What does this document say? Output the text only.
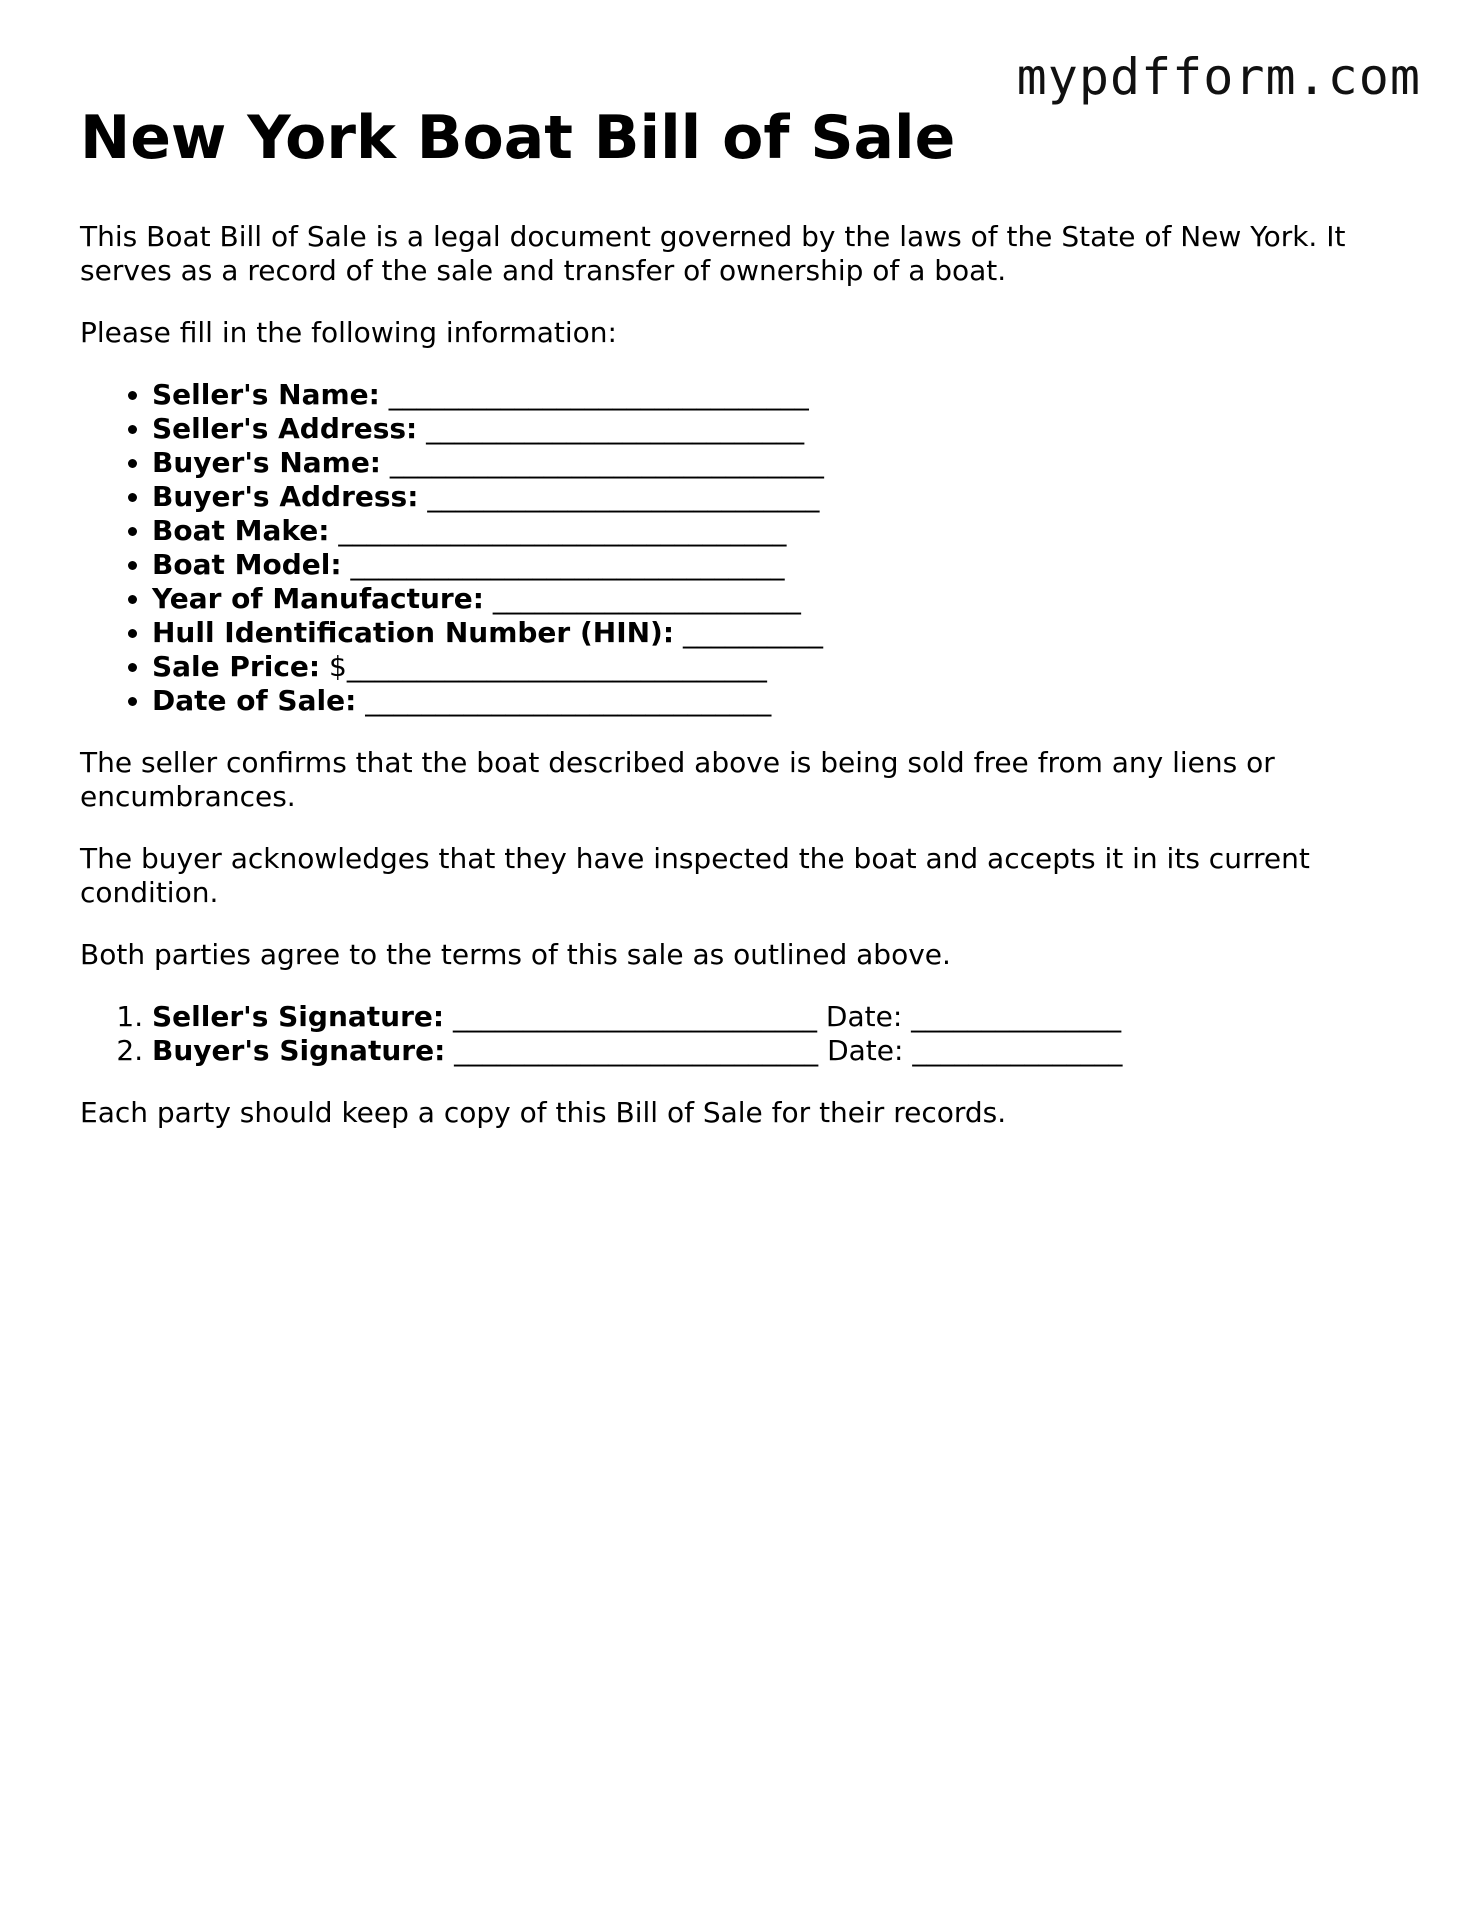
mypdfform.com
New York Boat Bill of Sale

This Boat Bill of Sale is a legal document governed by the laws of the State of New York. It serves as a record of the sale and transfer of ownership of a boat.

Please fill in the following information:

• Seller's Name: ______________________________
• Seller's Address: ___________________________
• Buyer's Name: _______________________________
• Buyer's Address: ____________________________
• Boat Make: ________________________________
• Boat Model: _______________________________
• Year of Manufacture: ______________________
• Hull Identification Number (HIN): __________
• Sale Price: $______________________________
• Date of Sale: _____________________________

The seller confirms that the boat described above is being sold free from any liens or encumbrances.

The buyer acknowledges that they have inspected the boat and accepts it in its current condition.

Both parties agree to the terms of this sale as outlined above.

1. Seller's Signature: __________________________ Date: _______________
2. Buyer's Signature: __________________________ Date: _______________

Each party should keep a copy of this Bill of Sale for their records.
